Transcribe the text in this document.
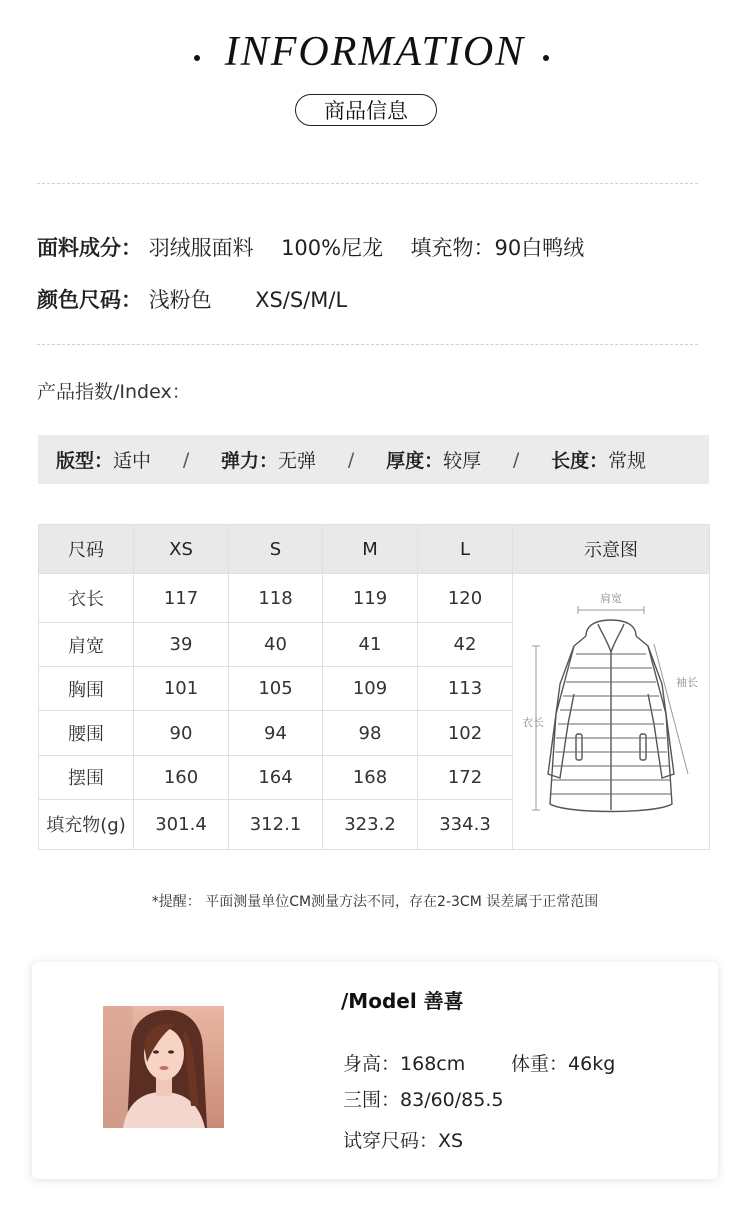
INFORMATION
商品信息
面料成分： 羽绒服面料 100%尼龙 填充物：90白鸭绒
颜色尺码： 浅粉色 XS/S/M/L
产品指数/Index：
版型： 适中	/	弹力： 无弹	/	厚度： 较厚	/	长度： 常规
尺码	XS	S	M	L	示意图
衣长	117	118	119	120	肩宽
袖长
衣长

肩宽	39	40	41	42	
胸围	101	105	109	113	
腰围	90	94	98	102	
摆围	160	164	168	172	
填充物(g)	301.4	312.1	323.2	334.3	
*提醒： 平面测量单位CM测量方法不同，存在2-3CM 误差属于正常范围
/Model 善喜
身高：168cm 体重：46kg
三围：83/60/85.5
试穿尺码：XS
